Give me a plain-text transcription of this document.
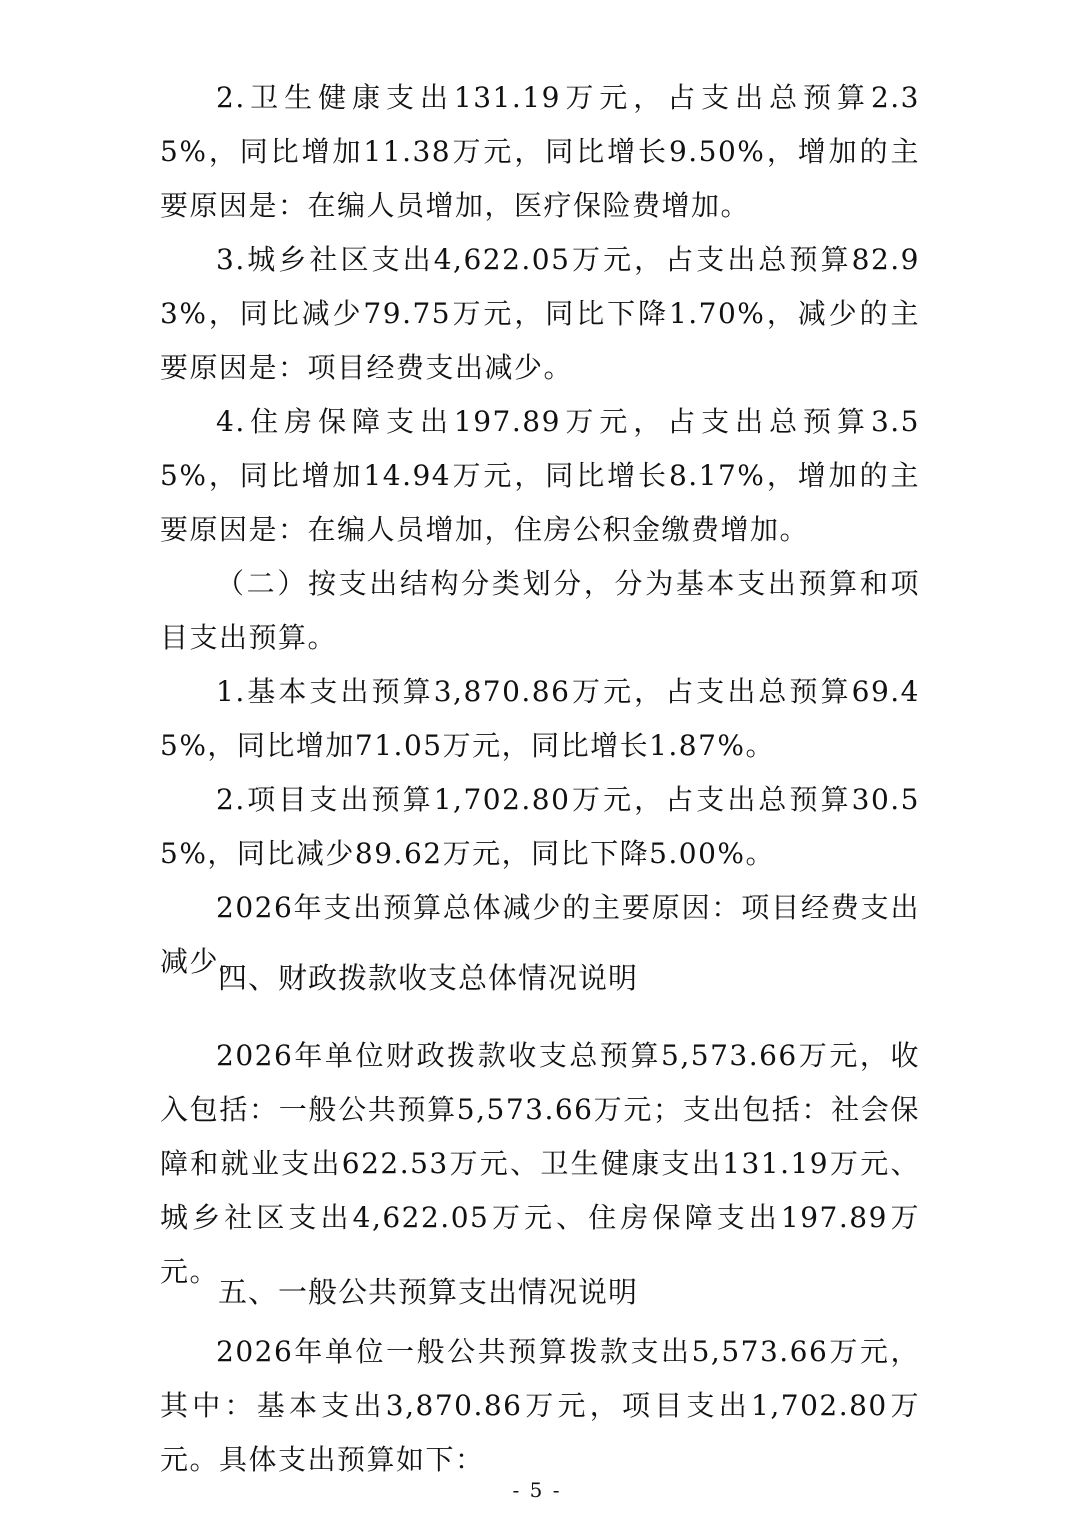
2.卫生健康支出131.19万元，占支出总预算2.35%，同比增加11.38万元，同比增长9.50%，增加的主要原因是：在编人员增加，医疗保险费增加。

3.城乡社区支出4,622.05万元，占支出总预算82.93%，同比减少79.75万元，同比下降1.70%，减少的主要原因是：项目经费支出减少。

4.住房保障支出197.89万元，占支出总预算3.55%，同比增加14.94万元，同比增长8.17%，增加的主要原因是：在编人员增加，住房公积金缴费增加。

（二）按支出结构分类划分，分为基本支出预算和项目支出预算。

1.基本支出预算3,870.86万元，占支出总预算69.45%，同比增加71.05万元，同比增长1.87%。

2.项目支出预算1,702.80万元，占支出总预算30.55%，同比减少89.62万元，同比下降5.00%。

2026年支出预算总体减少的主要原因：项目经费支出减少。

四、财政拨款收支总体情况说明

2026年单位财政拨款收支总预算5,573.66万元，收入包括：一般公共预算5,573.66万元；支出包括：社会保障和就业支出622.53万元、卫生健康支出131.19万元、城乡社区支出4,622.05万元、住房保障支出197.89万元。

五、一般公共预算支出情况说明

2026年单位一般公共预算拨款支出5,573.66万元，其中：基本支出3,870.86万元，项目支出1,702.80万元。具体支出预算如下：

- 5 -
